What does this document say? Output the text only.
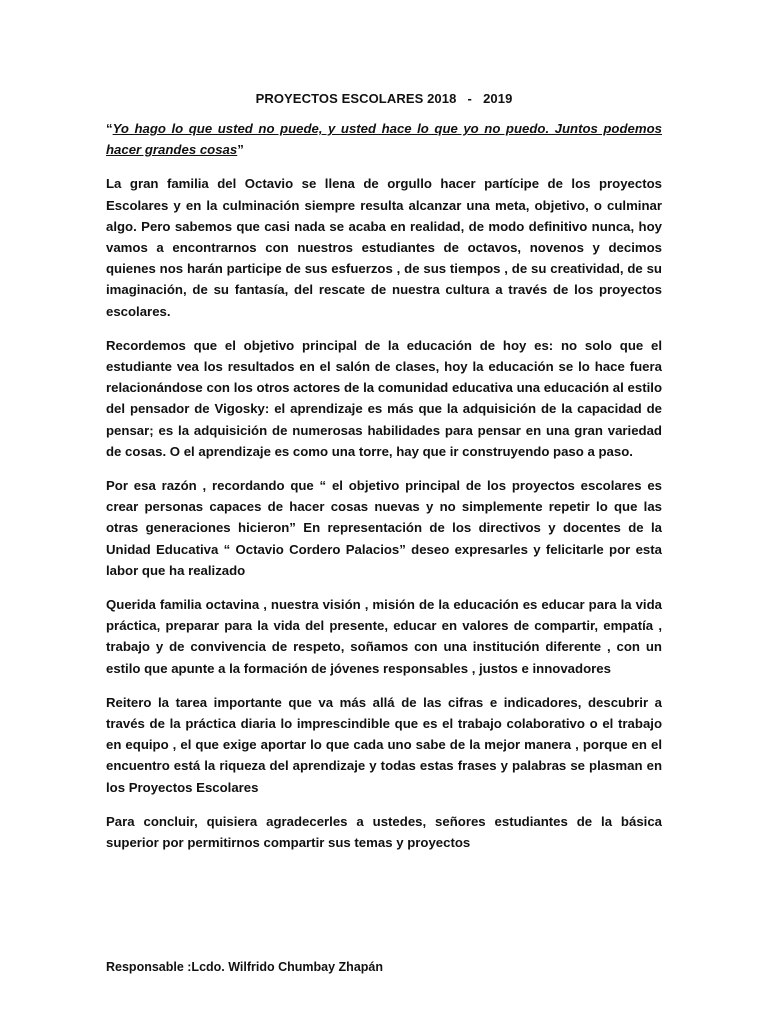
PROYECTOS ESCOLARES 2018   -   2019

“Yo hago lo que usted no puede, y usted hace lo que yo no puedo. Juntos podemos hacer grandes cosas”

La gran familia del Octavio se llena de orgullo hacer partícipe de los proyectos Escolares y en la culminación siempre resulta alcanzar una meta, objetivo, o culminar algo. Pero sabemos que casi nada se acaba en realidad, de modo definitivo nunca, hoy vamos a encontrarnos con nuestros estudiantes de octavos, novenos y decimos quienes nos harán participe de sus esfuerzos , de sus tiempos , de su creatividad, de su imaginación, de su fantasía, del rescate de nuestra cultura a través de los proyectos escolares.

Recordemos que el objetivo principal de la educación de hoy es: no solo que el estudiante vea los resultados en el salón de clases, hoy la educación se lo hace fuera relacionándose con los otros actores de la comunidad educativa una educación al estilo del pensador de Vigosky: el aprendizaje es más que la adquisición de la capacidad de pensar; es la adquisición de numerosas habilidades para pensar en una gran variedad de cosas. O el aprendizaje es como una torre, hay que ir construyendo paso a paso.

Por esa razón , recordando que “ el objetivo principal de los proyectos escolares es crear personas capaces de hacer cosas nuevas y no simplemente repetir lo que las otras generaciones hicieron” En representación de los directivos y docentes de la Unidad Educativa “ Octavio Cordero Palacios” deseo expresarles y felicitarle por esta labor que ha realizado

Querida familia octavina , nuestra visión , misión de la educación es educar para la vida práctica, preparar para la vida del presente, educar en valores de compartir, empatía , trabajo y de convivencia de respeto, soñamos con una institución diferente , con un estilo que apunte a la formación de jóvenes responsables , justos e innovadores

Reitero la tarea importante que va más allá de las cifras e indicadores, descubrir a través de la práctica diaria lo imprescindible que es el trabajo colaborativo o el trabajo en equipo , el que exige aportar lo que cada uno sabe de la mejor manera , porque en el encuentro está la riqueza del aprendizaje y todas estas frases y palabras se plasman en los Proyectos Escolares

Para concluir, quisiera agradecerles a ustedes, señores estudiantes de la básica superior por permitirnos compartir sus temas y proyectos

Responsable :Lcdo. Wilfrido Chumbay Zhapán
